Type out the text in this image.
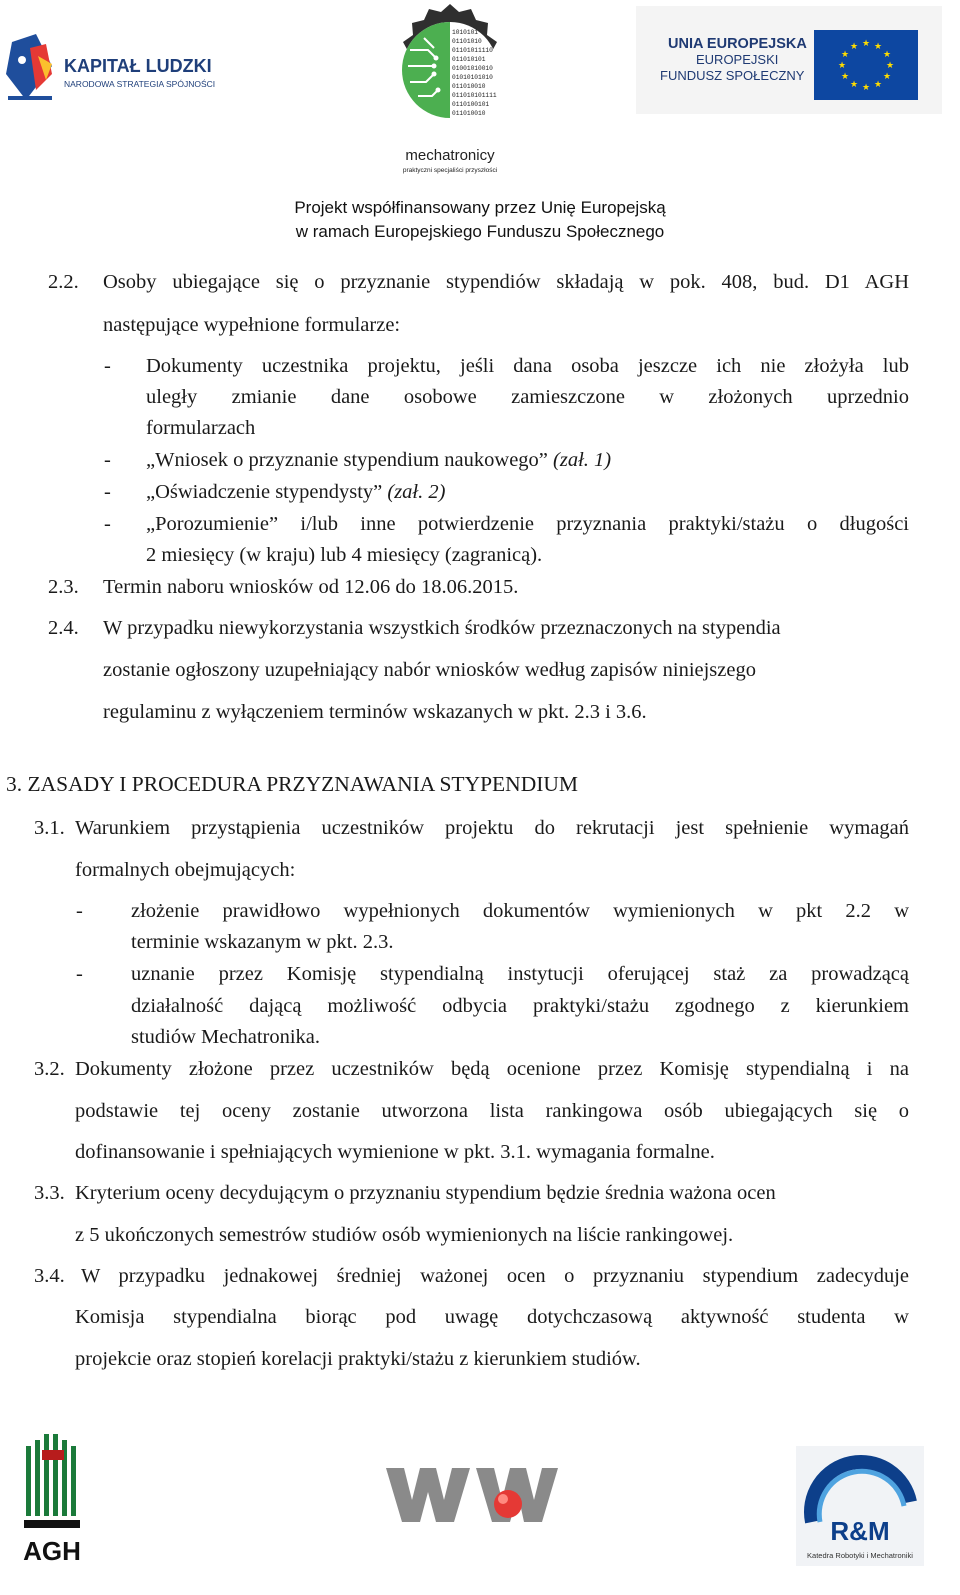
KAPITAŁ LUDZKI
NARODOWA STRATEGIA SPÓJNOŚCI
1010101
01101010
01101011110
011010101
01001010010
01010101010
011010010
011010101111
0110100101
011010010
mechatronicy
praktyczni specjaliści przyszłości
UNIA EUROPEJSKA
EUROPEJSKI
FUNDUSZ SPOŁECZNY
★ ★
★
★
★
★
★
★
★
★
★
★
Projekt współfinansowany przez Unię Europejską
w ramach Europejskiego Funduszu Społecznego
2.2. Osoby ubiegające się o przyznanie stypendiów składają w pok. 408, bud. D1 AGH
następujące wypełnione formularze:
- Dokumenty uczestnika projektu, jeśli dana osoba jeszcze ich nie złożyła lub
uległy zmianie dane osobowe zamieszczone w złożonych uprzednio
formularzach
- „Wniosek o przyznanie stypendium naukowego” (zał. 1)
- „Oświadczenie stypendysty” (zał. 2)
- „Porozumienie” i/lub inne potwierdzenie przyznania praktyki/stażu o długości
2 miesięcy (w kraju) lub 4 miesięcy (zagranicą).
2.3. Termin naboru wniosków od 12.06 do 18.06.2015.
2.4. W przypadku niewykorzystania wszystkich środków przeznaczonych na stypendia
zostanie ogłoszony uzupełniający nabór wniosków według zapisów niniejszego
regulaminu z wyłączeniem terminów wskazanych w pkt. 2.3 i 3.6.
3. ZASADY I PROCEDURA PRZYZNAWANIA STYPENDIUM
3.1. Warunkiem przystąpienia uczestników projektu do rekrutacji jest spełnienie wymagań
formalnych obejmujących:
- złożenie prawidłowo wypełnionych dokumentów wymienionych w pkt 2.2 w
terminie wskazanym w pkt. 2.3.
- uznanie przez Komisję stypendialną instytucji oferującej staż za prowadzącą
działalność dającą możliwość odbycia praktyki/stażu zgodnego z kierunkiem
studiów Mechatronika.
3.2. Dokumenty złożone przez uczestników będą ocenione przez Komisję stypendialną i na
podstawie tej oceny zostanie utworzona lista rankingowa osób ubiegających się o
dofinansowanie i spełniających wymienione w pkt. 3.1. wymagania formalne.
3.3. Kryterium oceny decydującym o przyznaniu stypendium będzie średnia ważona ocen
z 5 ukończonych semestrów studiów osób wymienionych na liście rankingowej.
3.4. W przypadku jednakowej średniej ważonej ocen o przyznaniu stypendium zadecyduje
Komisja stypendialna biorąc pod uwagę dotychczasową aktywność studenta w
projekcie oraz stopień korelacji praktyki/stażu z kierunkiem studiów.
AGH
R&M
Katedra Robotyki i Mechatroniki
